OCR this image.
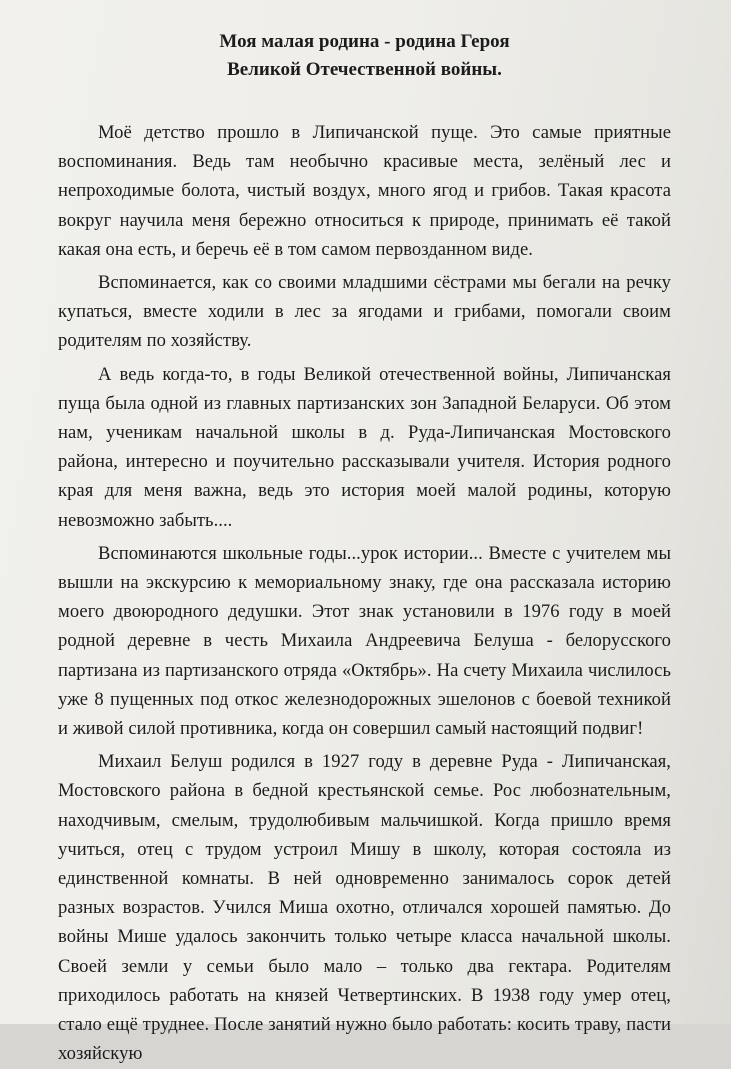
Моя малая родина - родина Героя
Великой Отечественной войны.

Моё детство прошло в Липичанской пуще. Это самые приятные воспоминания. Ведь там необычно красивые места, зелёный лес и непроходимые болота, чистый воздух, много ягод и грибов. Такая красота вокруг научила меня бережно относиться к природе, принимать её такой какая она есть, и беречь её в том самом первозданном виде.

Вспоминается, как со своими младшими сёстрами мы бегали на речку купаться, вместе ходили в лес за ягодами и грибами, помогали своим родителям по хозяйству.

А ведь когда-то, в годы Великой отечественной войны, Липичанская пуща была одной из главных партизанских зон Западной Беларуси. Об этом нам, ученикам начальной школы в д. Руда-Липичанская Мостовского района, интересно и поучительно рассказывали учителя. История родного края для меня важна, ведь это история моей малой родины, которую невозможно забыть....

Вспоминаются школьные годы...урок истории... Вместе с учителем мы вышли на экскурсию к мемориальному знаку, где она рассказала историю моего двоюродного дедушки. Этот знак установили в 1976 году в моей родной деревне в честь Михаила Андреевича Белуша - белорусского партизана из партизанского отряда «Октябрь». На счету Михаила числилось уже 8 пущенных под откос железнодорожных эшелонов с боевой техникой и живой силой противника, когда он совершил самый настоящий подвиг!

Михаил Белуш родился в 1927 году в деревне Руда - Липичанская, Мостовского района в бедной крестьянской семье. Рос любознательным, находчивым, смелым, трудолюбивым мальчишкой. Когда пришло время учиться, отец с трудом устроил Мишу в школу, которая состояла из единственной комнаты. В ней одновременно занималось сорок детей разных возрастов. Учился Миша охотно, отличался хорошей памятью. До войны Мише удалось закончить только четыре класса начальной школы. Своей земли у семьи было мало – только два гектара. Родителям приходилось работать на князей Четвертинских. В 1938 году умер отец, стало ещё труднее. После занятий нужно было работать: косить траву, пасти хозяйскую
